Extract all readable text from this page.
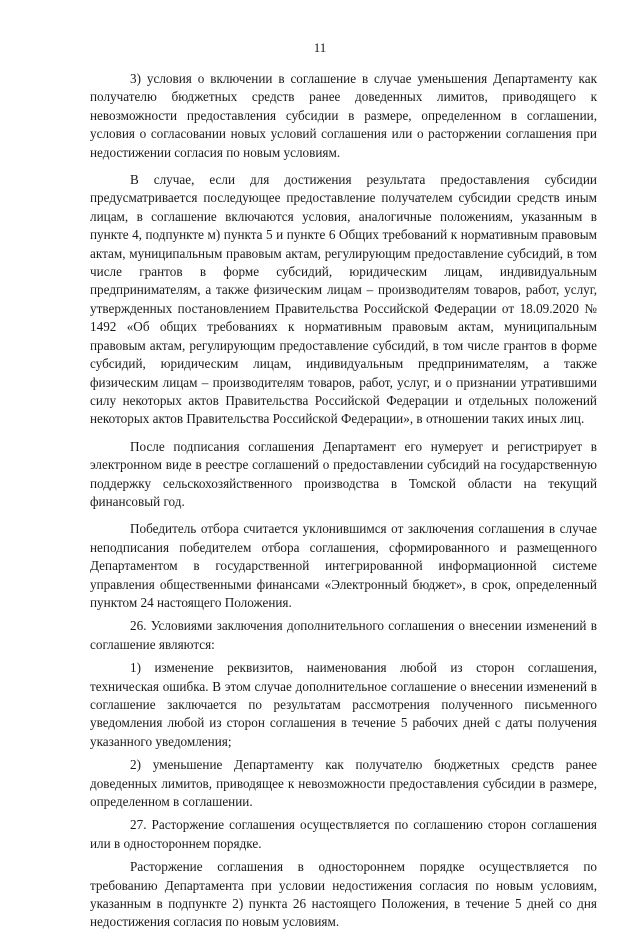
11

3) условия о включении в соглашение в случае уменьшения Департаменту как получателю бюджетных средств ранее доведенных лимитов, приводящего к невозможности предоставления субсидии в размере, определенном в соглашении, условия о согласовании новых условий соглашения или о расторжении соглашения при недостижении согласия по новым условиям.

В случае, если для достижения результата предоставления субсидии предусматривается последующее предоставление получателем субсидии средств иным лицам, в соглашение включаются условия, аналогичные положениям, указанным в пункте 4, подпункте м) пункта 5 и пункте 6 Общих требований к нормативным правовым актам, муниципальным правовым актам, регулирующим предоставление субсидий, в том числе грантов в форме субсидий, юридическим лицам, индивидуальным предпринимателям, а также физическим лицам – производителям товаров, работ, услуг, утвержденных постановлением Правительства Российской Федерации от 18.09.2020 № 1492 «Об общих требованиях к нормативным правовым актам, муниципальным правовым актам, регулирующим предоставление субсидий, в том числе грантов в форме субсидий, юридическим лицам, индивидуальным предпринимателям, а также физическим лицам – производителям товаров, работ, услуг, и о признании утратившими силу некоторых актов Правительства Российской Федерации и отдельных положений некоторых актов Правительства Российской Федерации», в отношении таких иных лиц.

После подписания соглашения Департамент его нумерует и регистрирует в электронном виде в реестре соглашений о предоставлении субсидий на государственную поддержку сельскохозяйственного производства в Томской области на текущий финансовый год.

Победитель отбора считается уклонившимся от заключения соглашения в случае неподписания победителем отбора соглашения, сформированного и размещенного Департаментом в государственной интегрированной информационной системе управления общественными финансами «Электронный бюджет», в срок, определенный пунктом 24 настоящего Положения.

26. Условиями заключения дополнительного соглашения о внесении изменений в соглашение являются:

1) изменение реквизитов, наименования любой из сторон соглашения, техническая ошибка. В этом случае дополнительное соглашение о внесении изменений в соглашение заключается по результатам рассмотрения полученного письменного уведомления любой из сторон соглашения в течение 5 рабочих дней с даты получения указанного уведомления;

2) уменьшение Департаменту как получателю бюджетных средств ранее доведенных лимитов, приводящее к невозможности предоставления субсидии в размере, определенном в соглашении.

27. Расторжение соглашения осуществляется по соглашению сторон соглашения или в одностороннем порядке.

Расторжение соглашения в одностороннем порядке осуществляется по требованию Департамента при условии недостижения согласия по новым условиям, указанным в подпункте 2) пункта 26 настоящего Положения, в течение 5 дней со дня недостижения согласия по новым условиям.
